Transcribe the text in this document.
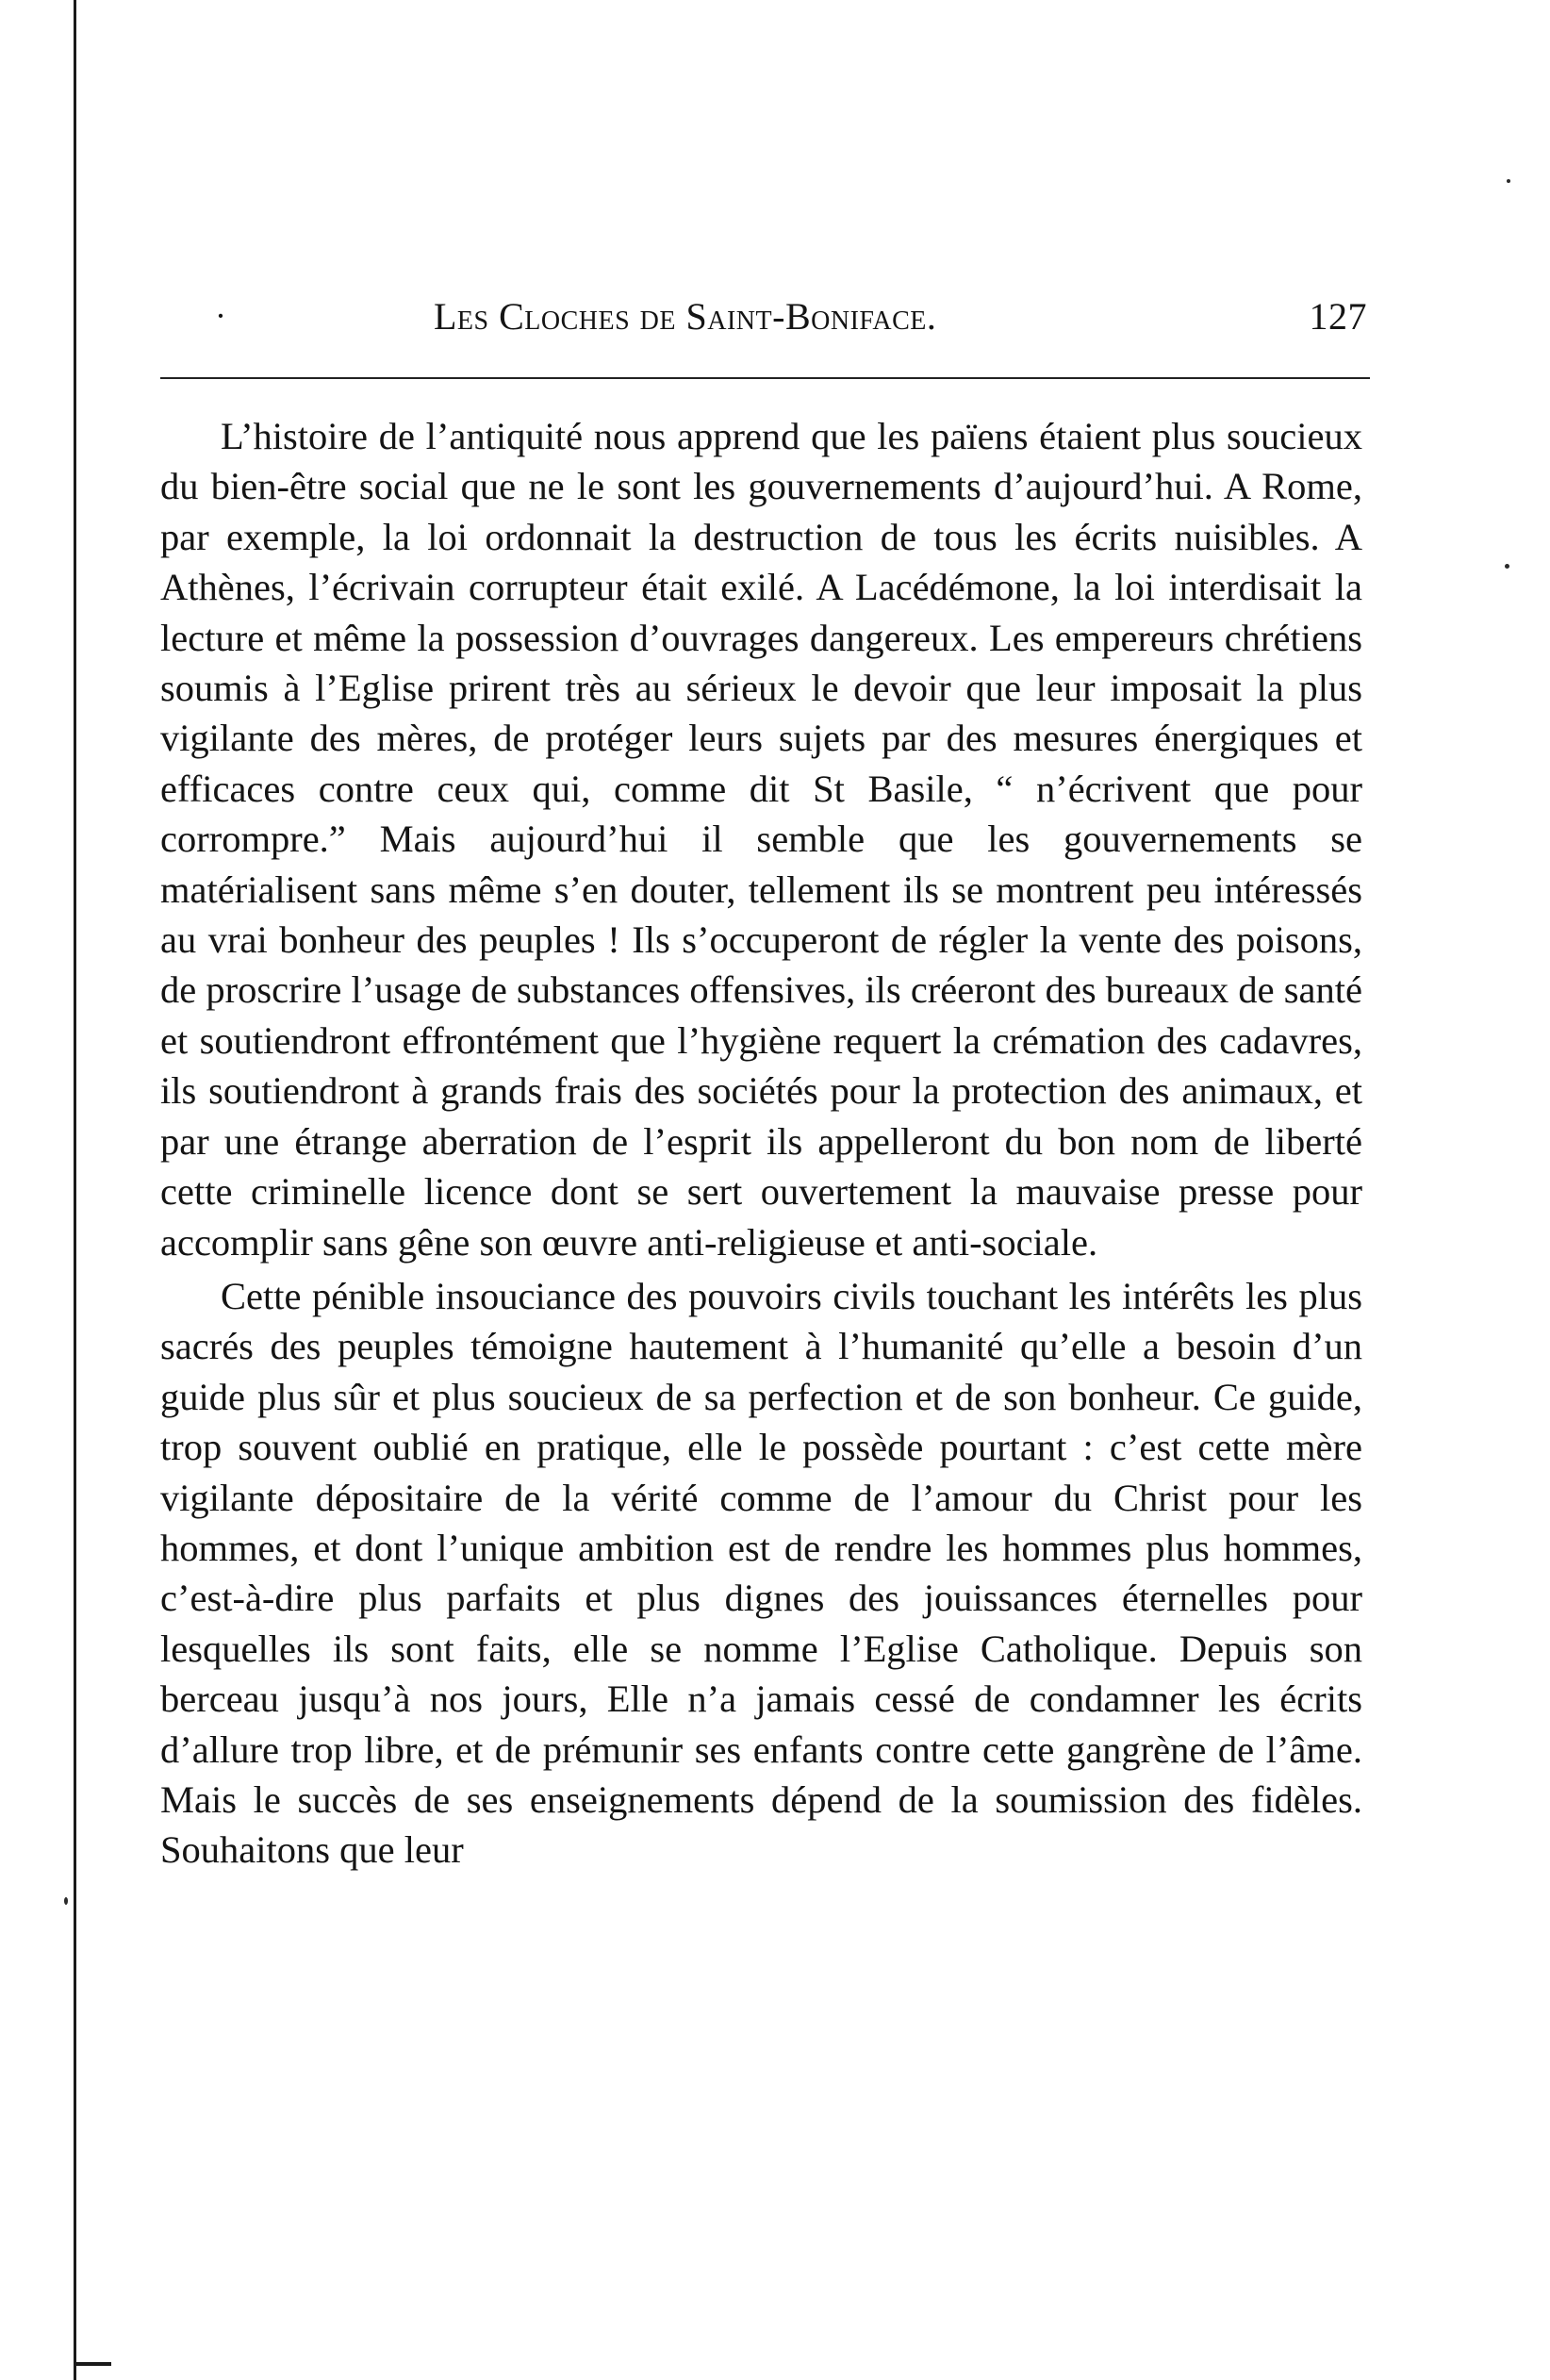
·	Les Cloches de Saint-Boniface.	127

L’histoire de l’antiquité nous apprend que les païens étaient plus soucieux du bien-être social que ne le sont les gouvernements d’aujourd’hui. A Rome, par exemple, la loi ordonnait la destruction de tous les écrits nuisibles. A Athènes, l’écrivain corrupteur était exilé. A Lacédémone, la loi interdisait la lecture et même la possession d’ouvrages dangereux. Les empereurs chrétiens soumis à l’Eglise prirent très au sérieux le devoir que leur imposait la plus vigilante des mères, de protéger leurs sujets par des mesures énergiques et efficaces contre ceux qui, comme dit St Basile, “ n’écrivent que pour corrompre.” Mais aujourd’hui il semble que les gouvernements se matérialisent sans même s’en douter, tellement ils se montrent peu intéressés au vrai bonheur des peuples ! Ils s’occuperont de régler la vente des poisons, de proscrire l’usage de substances offensives, ils créeront des bureaux de santé et soutiendront effrontément que l’hygiène requert la crémation des cadavres, ils soutiendront à grands frais des sociétés pour la protection des animaux, et par une étrange aberration de l’esprit ils appelleront du bon nom de liberté cette criminelle licence dont se sert ouvertement la mauvaise presse pour accomplir sans gêne son œuvre anti-religieuse et anti-sociale.

Cette pénible insouciance des pouvoirs civils touchant les intérêts les plus sacrés des peuples témoigne hautement à l’humanité qu’elle a besoin d’un guide plus sûr et plus soucieux de sa perfection et de son bonheur. Ce guide, trop souvent oublié en pratique, elle le possède pourtant : c’est cette mère vigilante dépositaire de la vérité comme de l’amour du Christ pour les hommes, et dont l’unique ambition est de rendre les hommes plus hommes, c’est-à-dire plus parfaits et plus dignes des jouissances éternelles pour lesquelles ils sont faits, elle se nomme l’Eglise Catholique. Depuis son berceau jusqu’à nos jours, Elle n’a jamais cessé de condamner les écrits d’allure trop libre, et de prémunir ses enfants contre cette gangrène de l’âme. Mais le succès de ses enseignements dépend de la soumission des fidèles. Souhaitons que leur
